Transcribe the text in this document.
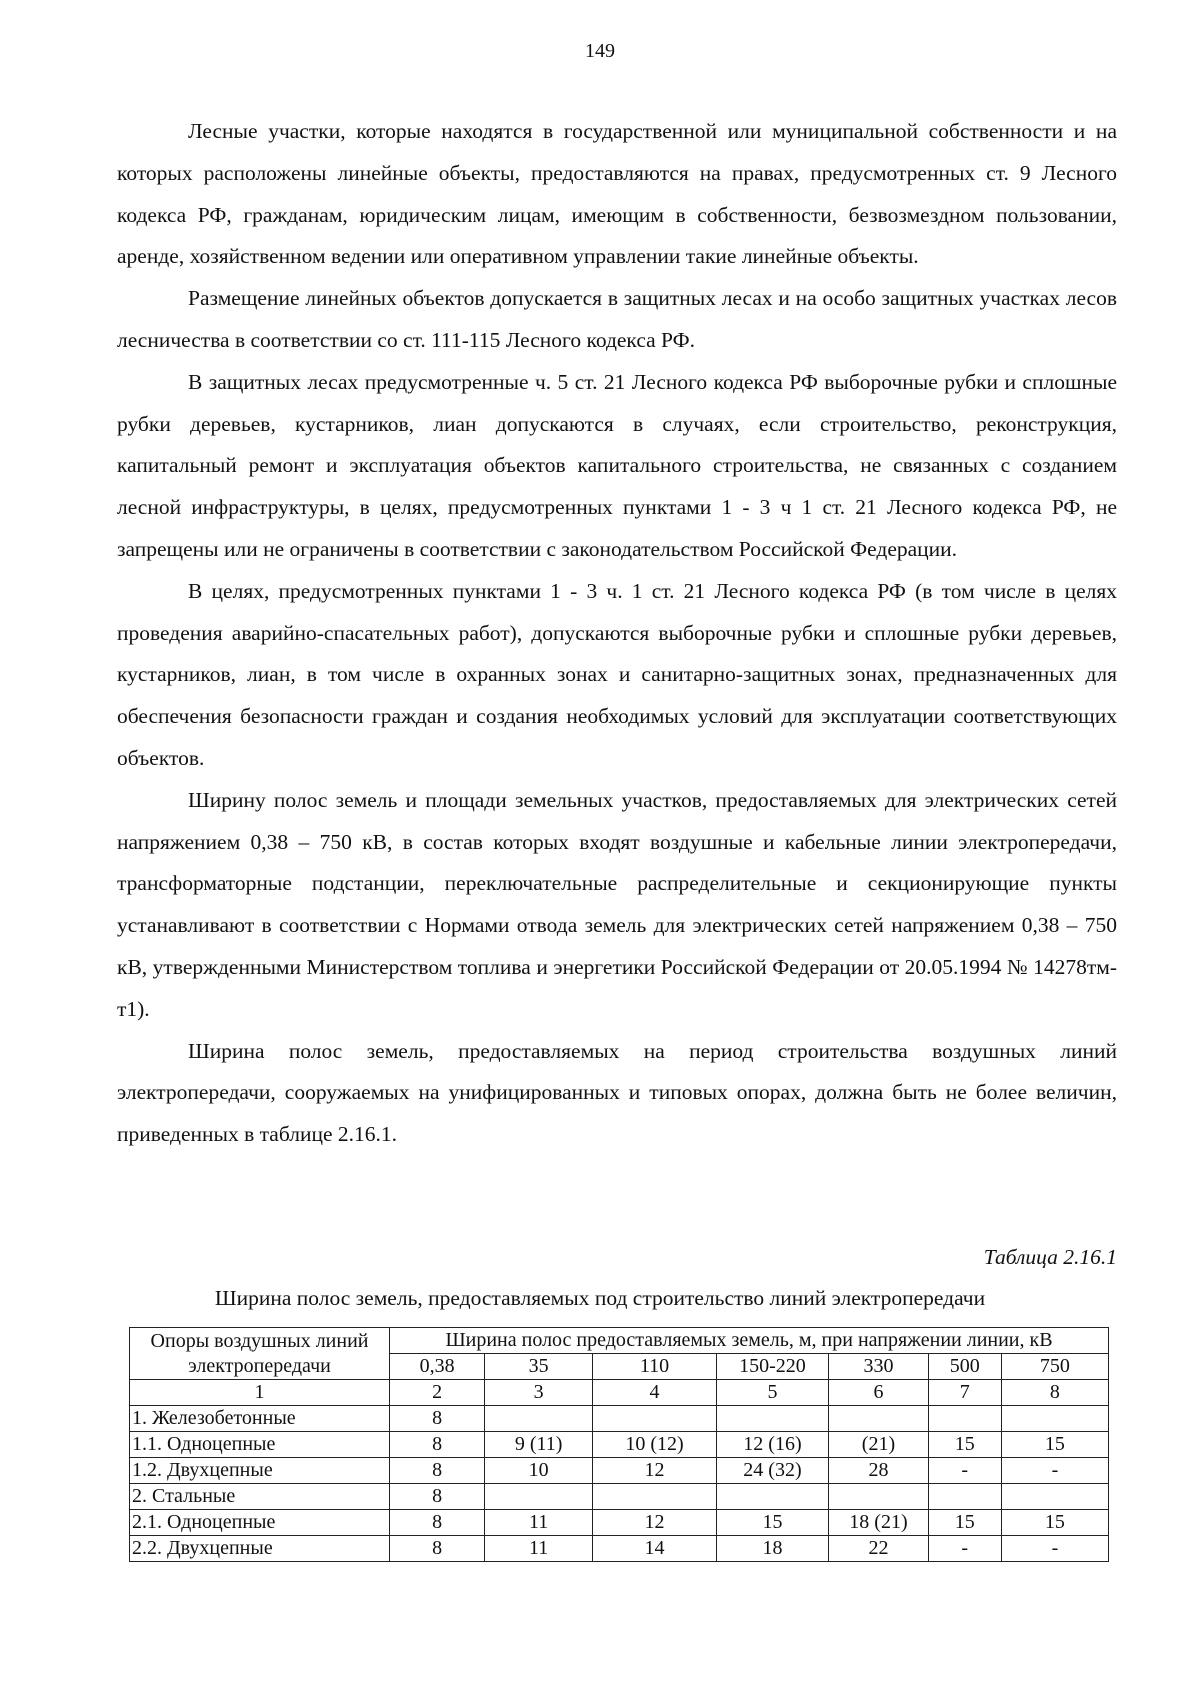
149

Лесные участки, которые находятся в государственной или муниципальной собственности и на которых расположены линейные объекты, предоставляются на правах, предусмотренных ст. 9 Лесного кодекса РФ, гражданам, юридическим лицам, имеющим в собственности, безвозмездном пользовании, аренде, хозяйственном ведении или оперативном управлении такие линейные объекты.

Размещение линейных объектов допускается в защитных лесах и на особо защитных участках лесов лесничества в соответствии со ст. 111-115 Лесного кодекса РФ.

В защитных лесах предусмотренные ч. 5 ст. 21 Лесного кодекса РФ выборочные рубки и сплошные рубки деревьев, кустарников, лиан допускаются в случаях, если строительство, реконструкция, капитальный ремонт и эксплуатация объектов капитального строительства, не связанных с созданием лесной инфраструктуры, в целях, предусмотренных пунктами 1 - 3 ч 1 ст. 21 Лесного кодекса РФ, не запрещены или не ограничены в соответствии с законодательством Российской Федерации.

В целях, предусмотренных пунктами 1 - 3 ч. 1 ст. 21 Лесного кодекса РФ (в том числе в целях проведения аварийно-спасательных работ), допускаются выборочные рубки и сплошные рубки деревьев, кустарников, лиан, в том числе в охранных зонах и санитарно-защитных зонах, предназначенных для обеспечения безопасности граждан и создания необходимых условий для эксплуатации соответствующих объектов.

Ширину полос земель и площади земельных участков, предоставляемых для электрических сетей напряжением 0,38 – 750 кВ, в состав которых входят воздушные и кабельные линии электропередачи, трансформаторные подстанции, переключательные распределительные и секционирующие пункты устанавливают в соответствии с Нормами отвода земель для электрических сетей напряжением 0,38 – 750 кВ, утвержденными Министерством топлива и энергетики Российской Федерации от 20.05.1994 № 14278тм-т1).

Ширина полос земель, предоставляемых на период строительства воздушных линий электропередачи, сооружаемых на унифицированных и типовых опорах, должна быть не более величин, приведенных в таблице 2.16.1.

Таблица 2.16.1
Ширина полос земель, предоставляемых под строительство линий электропередачи
Опоры воздушных линий
электропередачи	Ширина полос предоставляемых земель, м, при напряжении линии, кВ						
	0,38	35	110	150-220	330	500	750
1	2	3	4	5	6	7	8
1. Железобетонные	8						
1.1. Одноцепные	8	9 (11)	10 (12)	12 (16)	(21)	15	15
1.2. Двухцепные	8	10	12	24 (32)	28	-	-
2. Стальные	8						
2.1. Одноцепные	8	11	12	15	18 (21)	15	15
2.2. Двухцепные	8	11	14	18	22	-	-
